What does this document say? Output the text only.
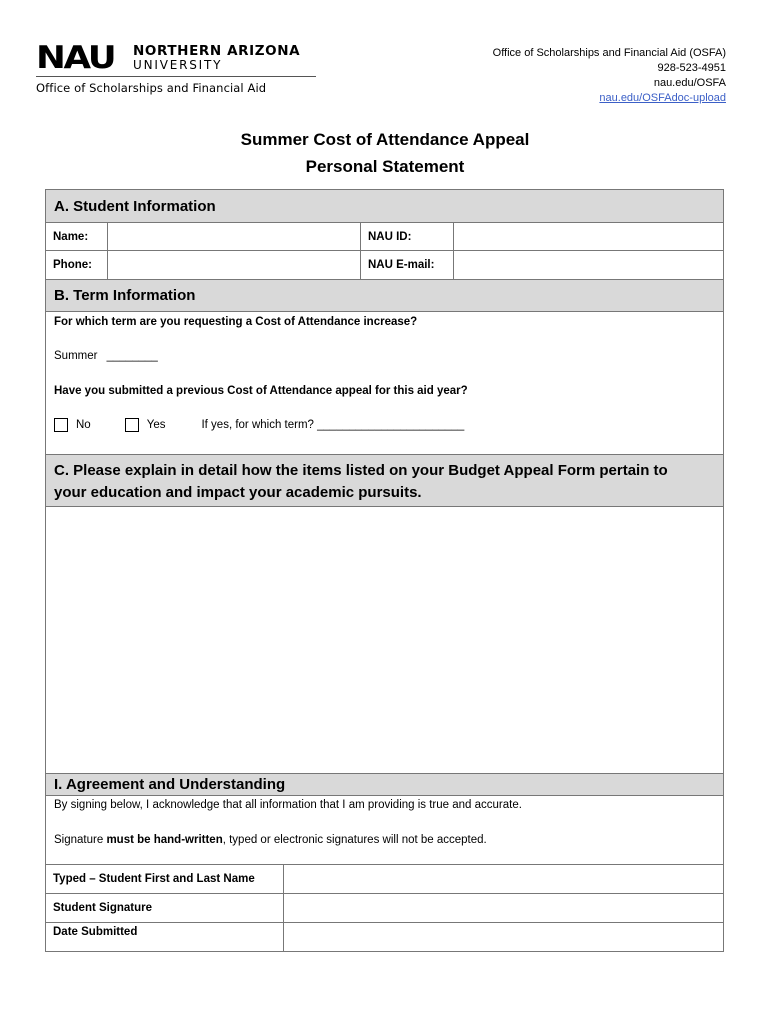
NAU	NORTHERN ARIZONA
UNIVERSITY
Office of Scholarships and Financial Aid
Office of Scholarships and Financial Aid (OSFA)
928-523-4951
nau.edu/OSFA
nau.edu/OSFAdoc-upload
Summer Cost of Attendance Appeal
Personal Statement
A. Student Information
Name:	NAU ID:
Phone:	NAU E-mail:
B. Term Information
For which term are you requesting a Cost of Attendance increase?
Summer ________
Have you submitted a previous Cost of Attendance appeal for this aid year?
No	Yes	If yes, for which term? _______________________
C. Please explain in detail how the items listed on your Budget Appeal Form pertain to
your education and impact your academic pursuits.
I. Agreement and Understanding
By signing below, I acknowledge that all information that I am providing is true and accurate.
Signature must be hand-written, typed or electronic signatures will not be accepted.
Typed – Student First and Last Name
Student Signature
Date Submitted
